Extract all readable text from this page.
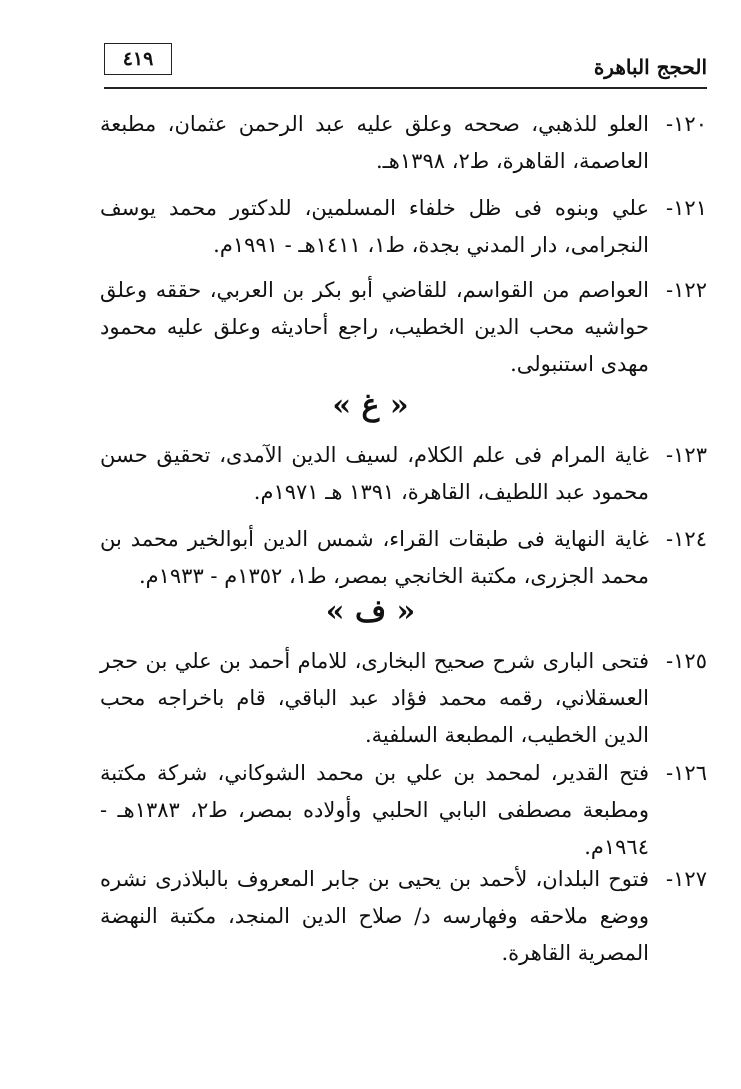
الحجج الباهرة
٤١٩
١٢٠-
العلو للذهبي، صححه وعلق عليه عبد الرحمن عثمان، مطبعة العاصمة، القاهرة، ط٢، ١٣٩٨هـ.
١٢١-
علي وبنوه فى ظل خلفاء المسلمين، للدكتور محمد يوسف النجرامى، دار المدني بجدة، ط١، ١٤١١هـ - ١٩٩١م.
١٢٢-
العواصم من القواسم، للقاضي أبو بكر بن العربي، حققه وعلق حواشيه محب الدين الخطيب، راجع أحاديثه وعلق عليه محمود مهدى استنبولى.
« غ »
١٢٣-
غاية المرام فى علم الكلام، لسيف الدين الآمدى، تحقيق حسن محمود عبد اللطيف، القاهرة، ١٣٩١ هـ ١٩٧١م.
١٢٤-
غاية النهاية فى طبقات القراء، شمس الدين أبوالخير محمد بن محمد الجزرى، مكتبة الخانجي بمصر، ط١، ١٣٥٢م - ١٩٣٣م.
« ف »
١٢٥-
فتحى البارى شرح صحيح البخارى، للامام أحمد بن علي بن حجر العسقلاني، رقمه محمد فؤاد عبد الباقي، قام باخراجه محب الدين الخطيب، المطبعة السلفية.
١٢٦-
فتح القدير، لمحمد بن علي بن محمد الشوكاني، شركة مكتبة ومطبعة مصطفى البابي الحلبي وأولاده بمصر، ط٢، ١٣٨٣هـ - ١٩٦٤م.
١٢٧-
فتوح البلدان، لأحمد بن يحيى بن جابر المعروف بالبلاذرى نشره ووضع ملاحقه وفهارسه د/ صلاح الدين المنجد، مكتبة النهضة المصرية القاهرة.
